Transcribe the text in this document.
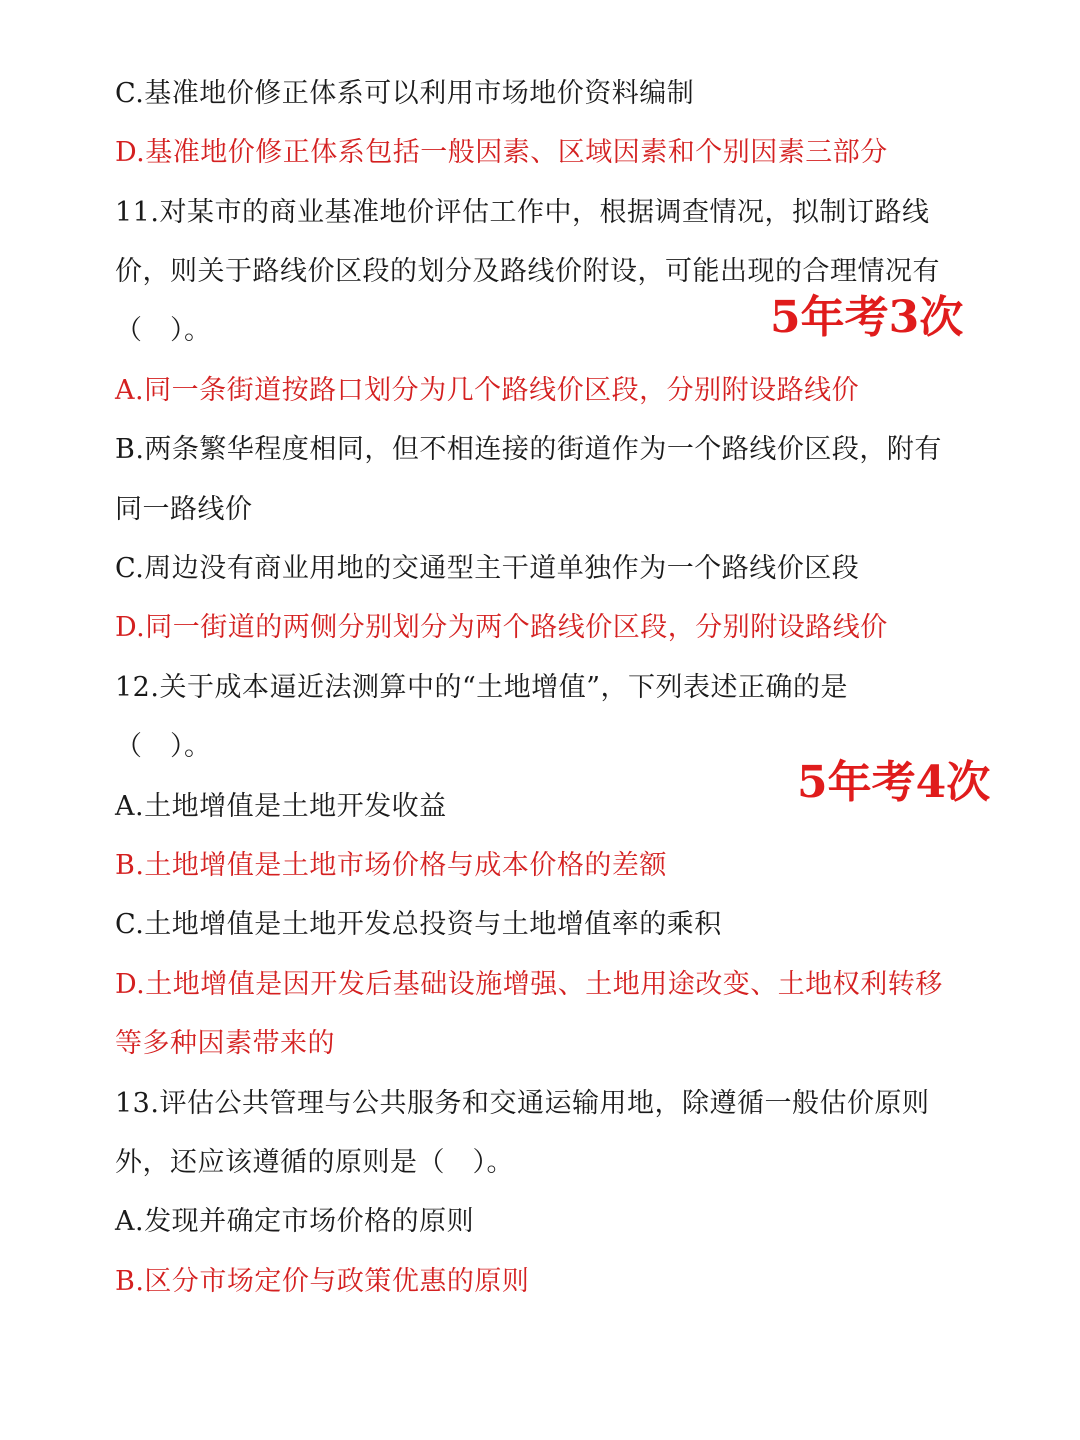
C.基准地价修正体系可以利用市场地价资料编制
D.基准地价修正体系包括一般因素、区域因素和个别因素三部分
11.对某市的商业基准地价评估工作中，根据调查情况，拟制订路线
价，则关于路线价区段的划分及路线价附设，可能出现的合理情况有
（　）。
A.同一条街道按路口划分为几个路线价区段，分别附设路线价
B.两条繁华程度相同，但不相连接的街道作为一个路线价区段，附有
同一路线价
C.周边没有商业用地的交通型主干道单独作为一个路线价区段
D.同一街道的两侧分别划分为两个路线价区段，分别附设路线价
12.关于成本逼近法测算中的“土地增值”，下列表述正确的是
（　）。
A.土地增值是土地开发收益
B.土地增值是土地市场价格与成本价格的差额
C.土地增值是土地开发总投资与土地增值率的乘积
D.土地增值是因开发后基础设施增强、土地用途改变、土地权利转移
等多种因素带来的
13.评估公共管理与公共服务和交通运输用地，除遵循一般估价原则
外，还应该遵循的原则是（　）。
A.发现并确定市场价格的原则
B.区分市场定价与政策优惠的原则
5年考3次
5年考4次
